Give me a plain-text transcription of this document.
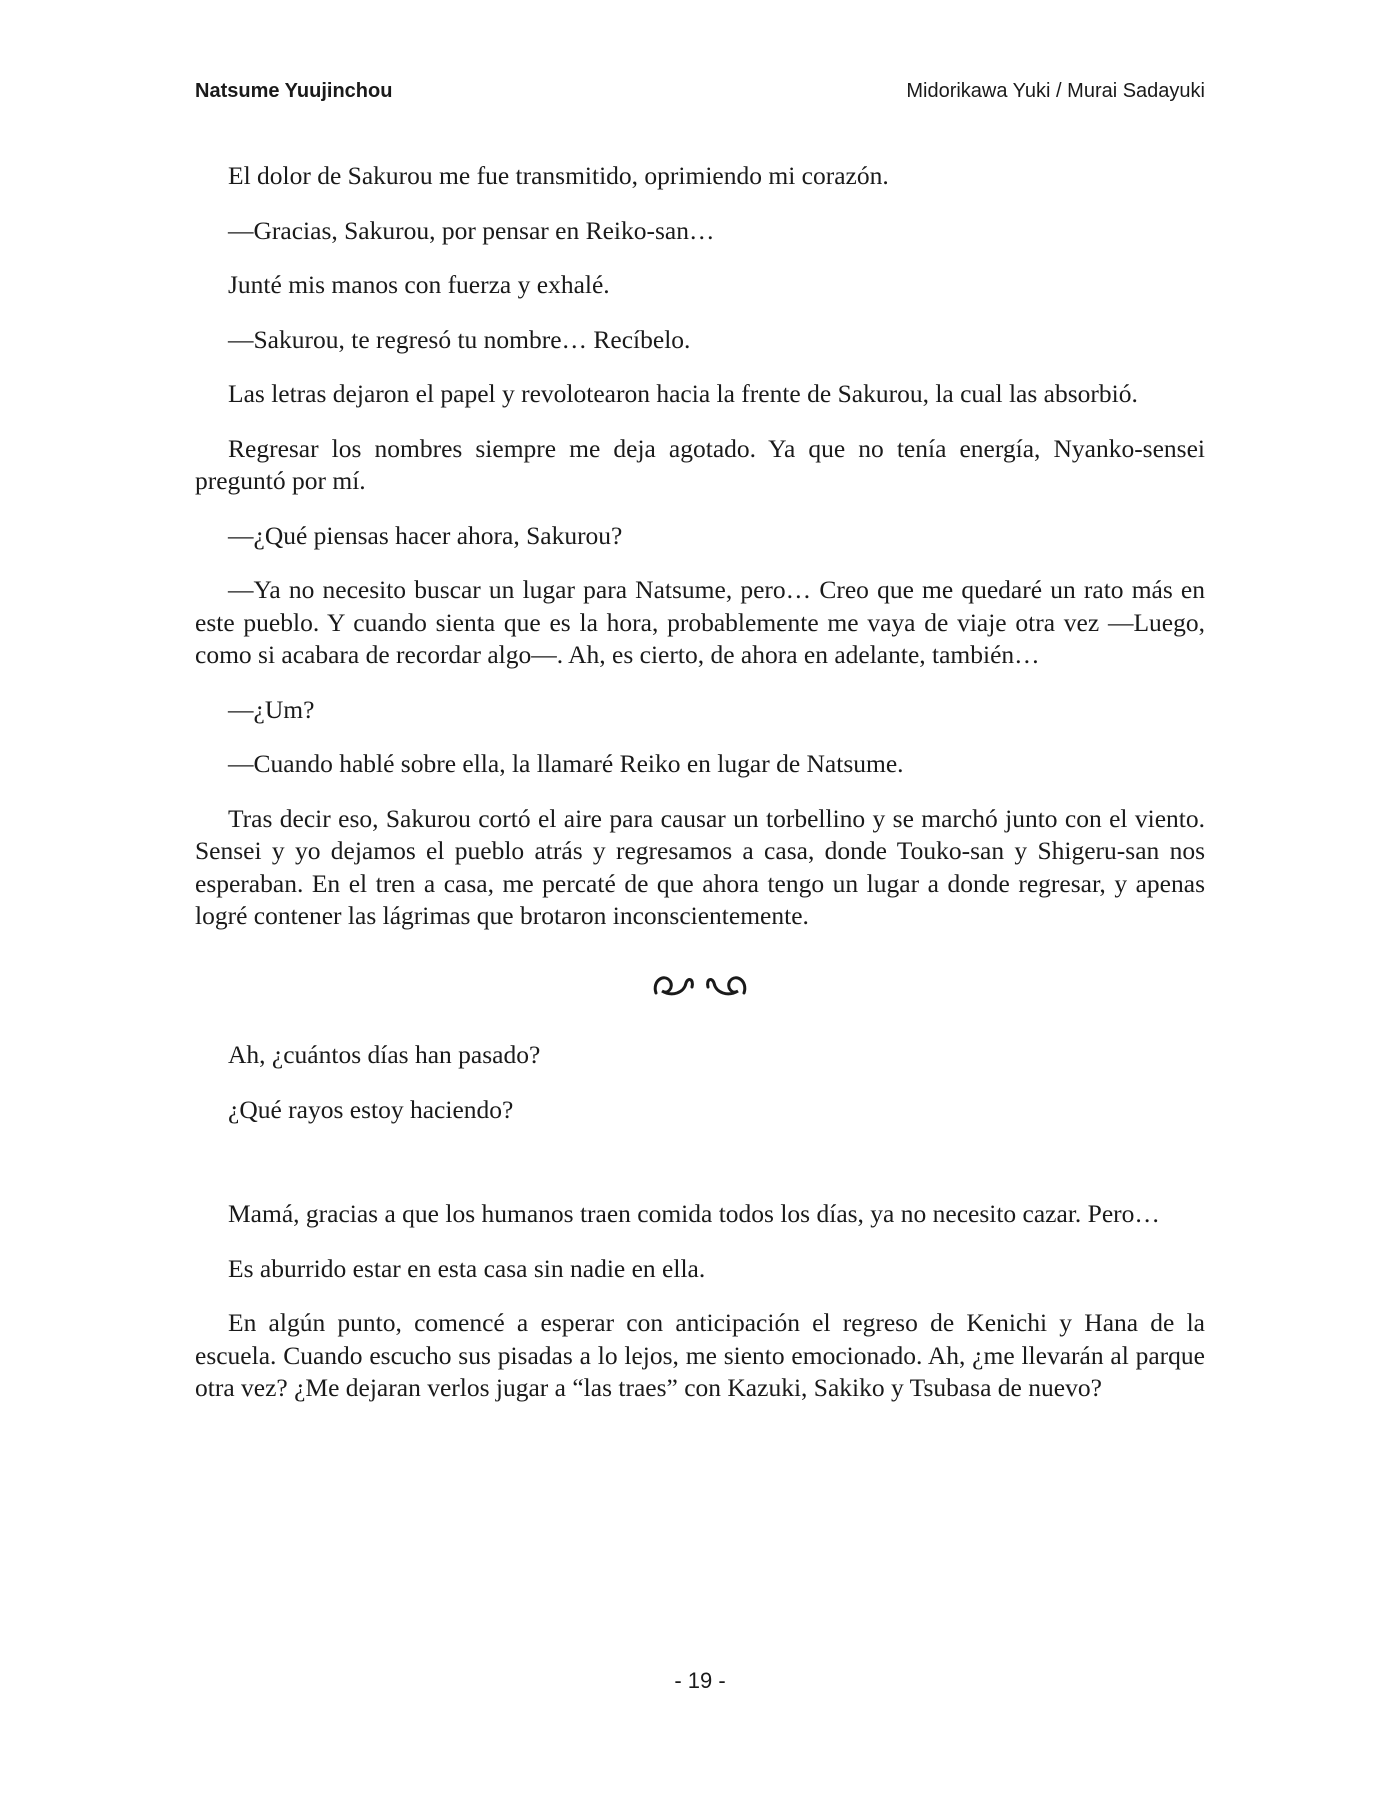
Natsume Yuujinchou	Midorikawa Yuki / Murai Sadayuki

El dolor de Sakurou me fue transmitido, oprimiendo mi corazón.

—Gracias, Sakurou, por pensar en Reiko-san…

Junté mis manos con fuerza y exhalé.

—Sakurou, te regresó tu nombre… Recíbelo.

Las letras dejaron el papel y revolotearon hacia la frente de Sakurou, la cual las absorbió.

Regresar los nombres siempre me deja agotado. Ya que no tenía energía, Nyanko-sensei preguntó por mí.

—¿Qué piensas hacer ahora, Sakurou?

—Ya no necesito buscar un lugar para Natsume, pero… Creo que me quedaré un rato más en este pueblo. Y cuando sienta que es la hora, probablemente me vaya de viaje otra vez —Luego, como si acabara de recordar algo—. Ah, es cierto, de ahora en adelante, también…

—¿Um?

—Cuando hablé sobre ella, la llamaré Reiko en lugar de Natsume.

Tras decir eso, Sakurou cortó el aire para causar un torbellino y se marchó junto con el viento. Sensei y yo dejamos el pueblo atrás y regresamos a casa, donde Touko-san y Shigeru-san nos esperaban. En el tren a casa, me percaté de que ahora tengo un lugar a donde regresar, y apenas logré contener las lágrimas que brotaron inconscientemente.

Ah, ¿cuántos días han pasado?

¿Qué rayos estoy haciendo?

Mamá, gracias a que los humanos traen comida todos los días, ya no necesito cazar. Pero…

Es aburrido estar en esta casa sin nadie en ella.

En algún punto, comencé a esperar con anticipación el regreso de Kenichi y Hana de la escuela. Cuando escucho sus pisadas a lo lejos, me siento emocionado. Ah, ¿me llevarán al parque otra vez? ¿Me dejaran verlos jugar a “las traes” con Kazuki, Sakiko y Tsubasa de nuevo?

- 19 -
